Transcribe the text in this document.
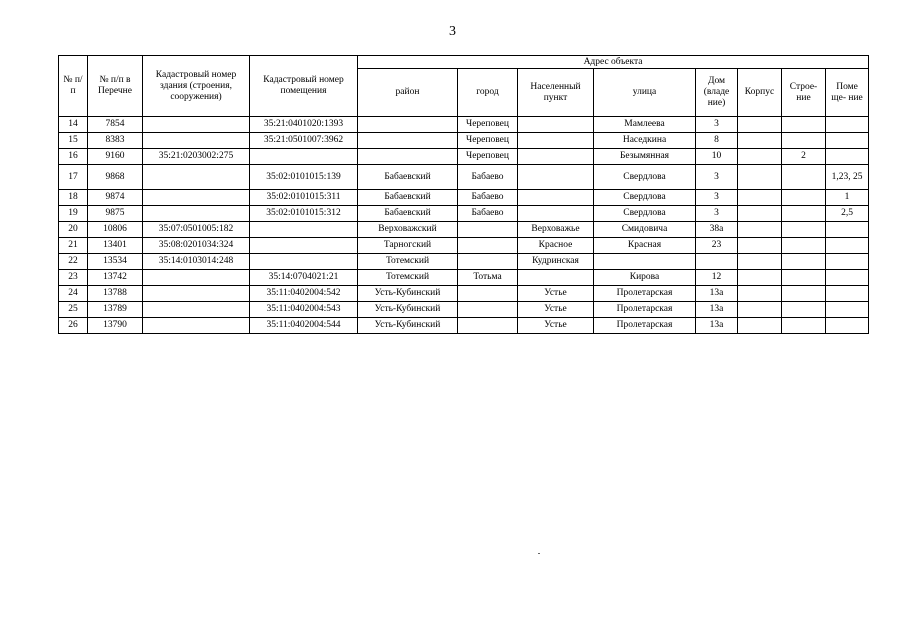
3
№ п/п	№ п/п в Перечне	Кадастровый номер здания (строения, сооружения)	Кадастровый номер помещения	Адрес объекта							
				район	город	Населенный пункт	улица	Дом (владе ние)	Корпус	Строе- ние	Поме ще- ние
14	7854		35:21:0401020:1393		Череповец		Мамлеева	3			
15	8383		35:21:0501007:3962		Череповец		Наседкина	8			
16	9160	35:21:0203002:275			Череповец		Безымянная	10		2	
17	9868		35:02:0101015:139	Бабаевский	Бабаево		Свердлова	3			1,23, 25
18	9874		35:02:0101015:311	Бабаевский	Бабаево		Свердлова	3			1
19	9875		35:02:0101015:312	Бабаевский	Бабаево		Свердлова	3			2,5
20	10806	35:07:0501005:182		Верховажский		Верховажье	Смидовича	38а			
21	13401	35:08:0201034:324		Тарногский		Красное	Красная	23			
22	13534	35:14:0103014:248		Тотемский		Кудринская					
23	13742		35:14:0704021:21	Тотемский	Тотьма		Кирова	12			
24	13788		35:11:0402004:542	Усть-Кубинский		Устье	Пролетарская	13а			
25	13789		35:11:0402004:543	Усть-Кубинский		Устье	Пролетарская	13а			
26	13790		35:11:0402004:544	Усть-Кубинский		Устье	Пролетарская	13а			
